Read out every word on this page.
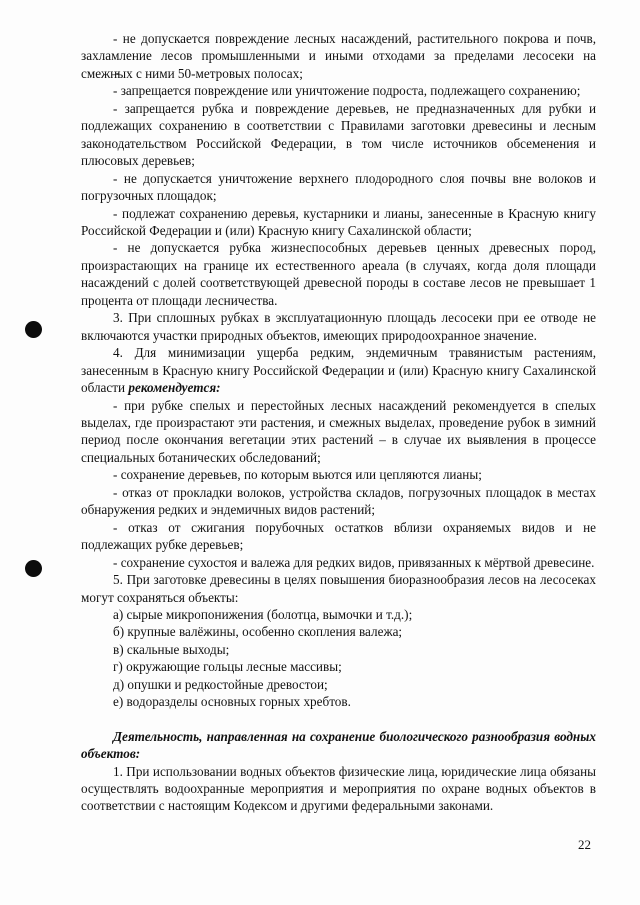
- не допускается повреждение лесных насаждений, растительного покрова и почв, захламление лесов промышленными и иными отходами за пределами лесосеки на смежных с ними 50-метровых полосах;

- запрещается повреждение или уничтожение подроста, подлежащего сохранению;

- запрещается рубка и повреждение деревьев, не предназначенных для рубки и подлежащих сохранению в соответствии с Правилами заготовки древесины и лесным законодательством Российской Федерации, в том числе источников обсеменения и плюсовых деревьев;

- не допускается уничтожение верхнего плодородного слоя почвы вне волоков и погрузочных площадок;

- подлежат сохранению деревья, кустарники и лианы, занесенные в Красную книгу Российской Федерации и (или) Красную книгу Сахалинской области;

- не допускается рубка жизнеспособных деревьев ценных древесных пород, произрастающих на границе их естественного ареала (в случаях, когда доля площади насаждений с долей соответствующей древесной породы в составе лесов не превышает 1 процента от площади лесничества.

3. При сплошных рубках в эксплуатационную площадь лесосеки при ее отводе не включаются участки природных объектов, имеющих природоохранное значение.

4. Для минимизации ущерба редким, эндемичным травянистым растениям, занесенным в Красную книгу Российской Федерации и (или) Красную книгу Сахалинской области рекомендуется:

- при рубке спелых и перестойных лесных насаждений рекомендуется в спелых выделах, где произрастают эти растения, и смежных выделах, проведение рубок в зимний период после окончания вегетации этих растений – в случае их выявления в процессе специальных ботанических обследований;

- сохранение деревьев, по которым вьются или цепляются лианы;

- отказ от прокладки волоков, устройства складов, погрузочных площадок в местах обнаружения редких и эндемичных видов растений;

- отказ от сжигания порубочных остатков вблизи охраняемых видов и не подлежащих рубке деревьев;

- сохранение сухостоя и валежа для редких видов, привязанных к мёртвой древесине.

5. При заготовке древесины в целях повышения биоразнообразия лесов на лесосеках могут сохраняться объекты:

а) сырые микропонижения (болотца, вымочки и т.д.);

б) крупные валёжины, особенно скопления валежа;

в) скальные выходы;

г) окружающие гольцы лесные массивы;

д) опушки и редкостойные древостои;

е) водоразделы основных горных хребтов.

Деятельность, направленная на сохранение биологического разнообразия водных объектов:

1. При использовании водных объектов физические лица, юридические лица обязаны осуществлять водоохранные мероприятия и мероприятия по охране водных объектов в соответствии с настоящим Кодексом и другими федеральными законами.

22
